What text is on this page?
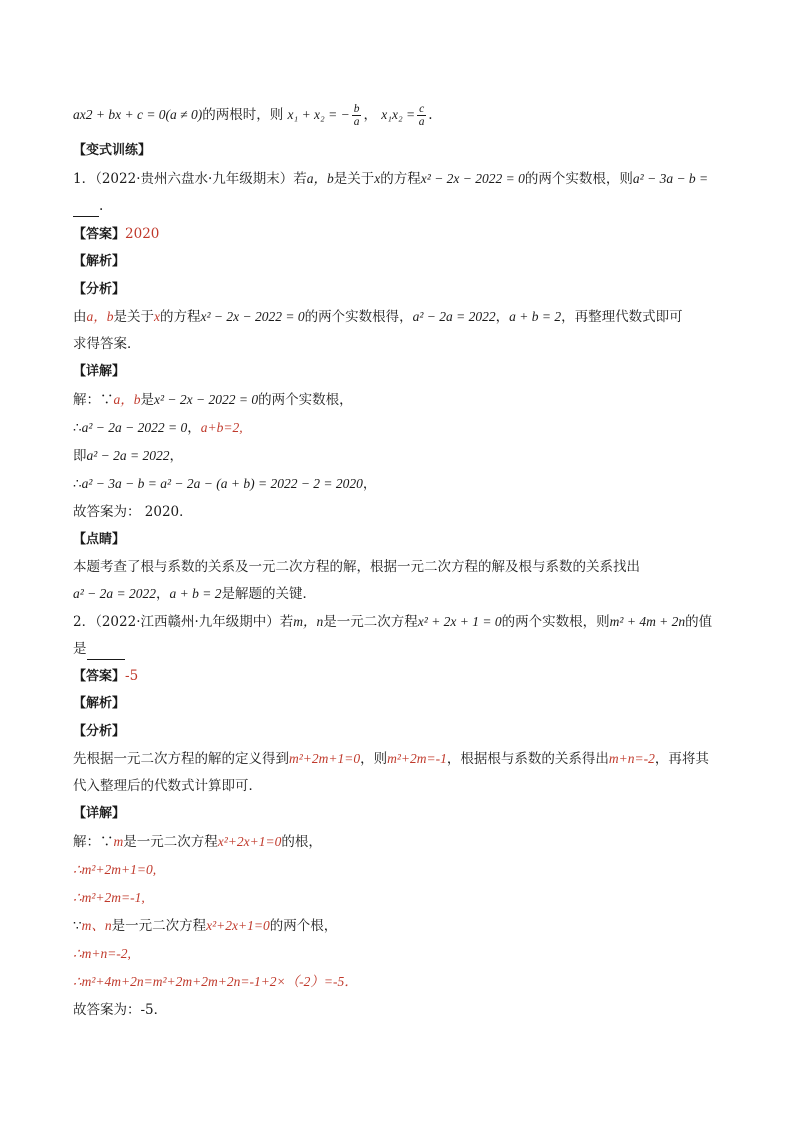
ax2 + bx + c = 0(a ≠ 0)的两根时，则 x₁ + x₂ = − $\frac{b}{a}$ ， $x_1x_2 = \frac{c}{a}$ .
【变式训练】
1．（2022·贵州六盘水·九年级期末）若a，b是关于x的方程x² − 2x − 2022 = 0的两个实数根，则a² − 3a − b =
.
【答案】2020
【解析】
【分析】
由a，b是关于x的方程x² − 2x − 2022 = 0的两个实数根得，a² − 2a = 2022，a + b = 2，再整理代数式即可
求得答案．
【详解】
解：∵a，b是x² − 2x − 2022 = 0的两个实数根，
∴a² − 2a − 2022 = 0，a+b=2,
即a² − 2a = 2022，
∴a² − 3a − b = a² − 2a − (a + b) = 2022 − 2 = 2020，
故答案为： 2020．
【点睛】
本题考查了根与系数的关系及一元二次方程的解，根据一元二次方程的解及根与系数的关系找出
a² − 2a = 2022，a + b = 2是解题的关键．
2．（2022·江西赣州·九年级期中）若m，n是一元二次方程x² + 2x + 1 = 0的两个实数根，则m² + 4m + 2n的值
是
【答案】-5
【解析】
【分析】
先根据一元二次方程的解的定义得到m²+2m+1=0，则m²+2m=-1，根据根与系数的关系得出m+n=-2，再将其
代入整理后的代数式计算即可．
【详解】
解：∵m是一元二次方程x²+2x+1=0的根，
∴m²+2m+1=0,
∴m²+2m=-1,
∵m、n是一元二次方程x²+2x+1=0的两个根，
∴m+n=-2,
∴m²+4m+2n=m²+2m+2m+2n=-1+2×（-2）=-5．
故答案为：-5．
